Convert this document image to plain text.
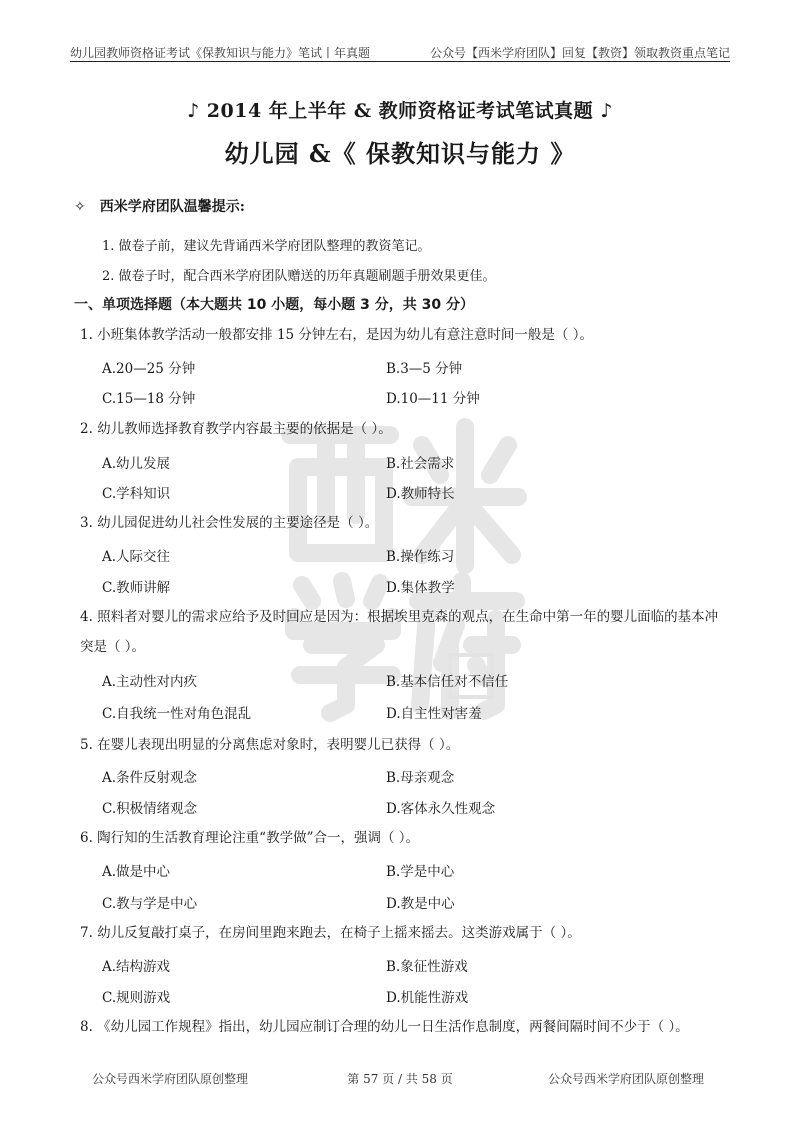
幼儿园教师资格证考试《保教知识与能力》笔试丨年真题	公众号【西米学府团队】回复【教资】领取教资重点笔记
♪ 2014 年上半年 & 教师资格证考试笔试真题 ♪
幼儿园 &《 保教知识与能力 》
✧ 西米学府团队温馨提示:
1. 做卷子前，建议先背诵西米学府团队整理的教资笔记。
2. 做卷子时，配合西米学府团队赠送的历年真题刷题手册效果更佳。
一、单项选择题（本大题共 10 小题，每小题 3 分，共 30 分）
1. 小班集体教学活动一般都安排 15 分钟左右，是因为幼儿有意注意时间一般是（ ）。
A.20—25 分钟	B.3—5 分钟
C.15—18 分钟	D.10—11 分钟
2. 幼儿教师选择教育教学内容最主要的依据是（ ）。
A.幼儿发展	B.社会需求
C.学科知识	D.教师特长
3. 幼儿园促进幼儿社会性发展的主要途径是（ ）。
A.人际交往	B.操作练习
C.教师讲解	D.集体教学
4. 照料者对婴儿的需求应给予及时回应是因为：根据埃里克森的观点，在生命中第一年的婴儿面临的基本冲突是（ ）。
A.主动性对内疚	B.基本信任对不信任
C.自我统一性对角色混乱	D.自主性对害羞
5. 在婴儿表现出明显的分离焦虑对象时，表明婴儿已获得（ ）。
A.条件反射观念	B.母亲观念
C.积极情绪观念	D.客体永久性观念
6. 陶行知的生活教育理论注重“教学做”合一，强调（ ）。
A.做是中心	B.学是中心
C.教与学是中心	D.教是中心
7. 幼儿反复敲打桌子，在房间里跑来跑去，在椅子上摇来摇去。这类游戏属于（ ）。
A.结构游戏	B.象征性游戏
C.规则游戏	D.机能性游戏
8. 《幼儿园工作规程》指出，幼儿园应制订合理的幼儿一日生活作息制度，两餐间隔时间不少于（ ）。
公众号西米学府团队原创整理	第 57 页 / 共 58 页	公众号西米学府团队原创整理
